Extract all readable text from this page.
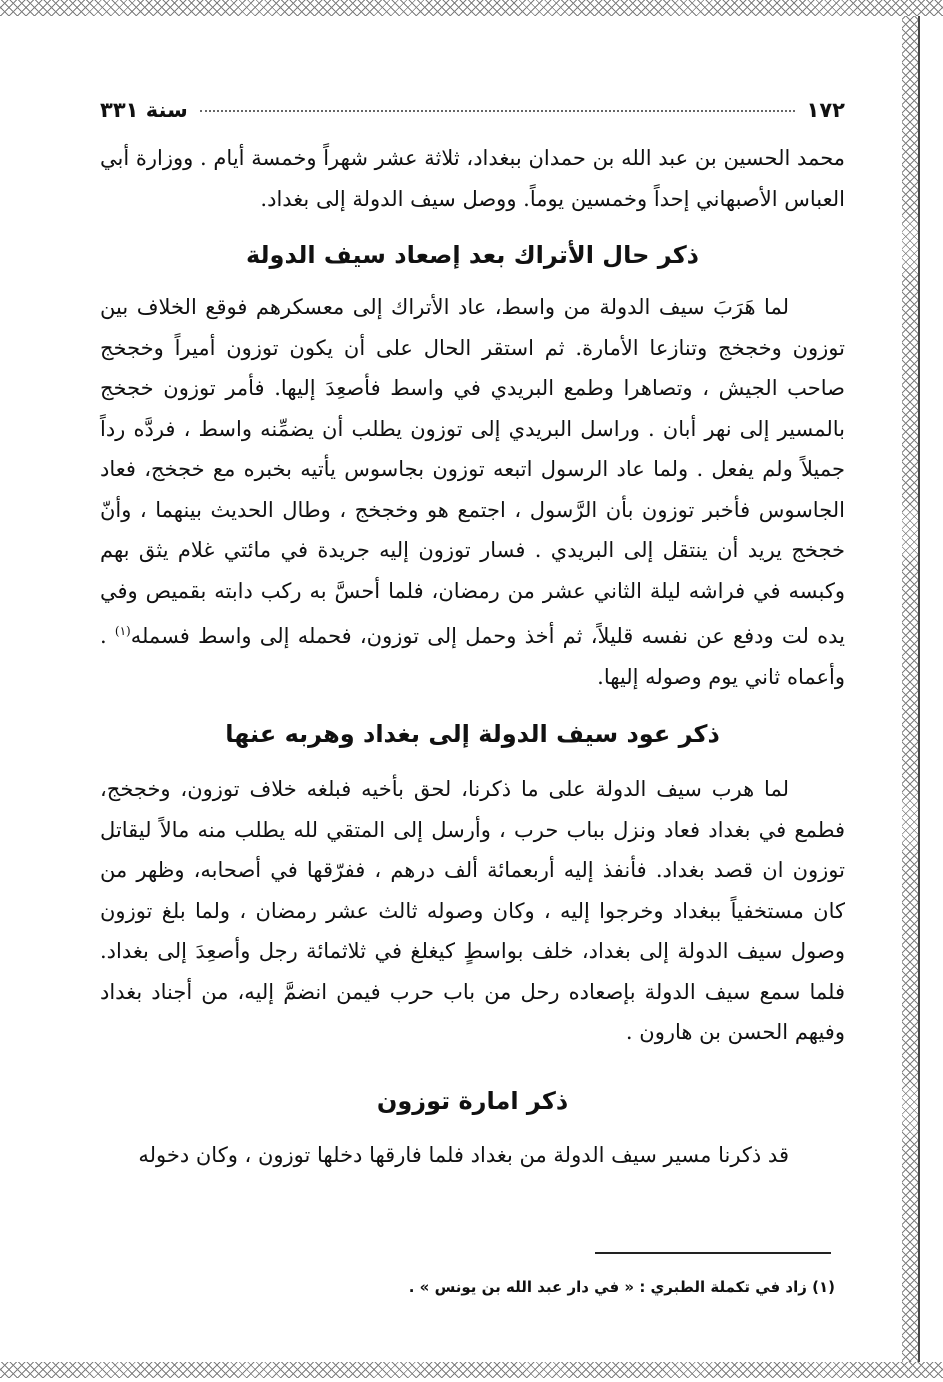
١٧٢
سنة ٣٣١

محمد الحسين بن عبد الله بن حمدان ببغداد، ثلاثة عشر شهراً وخمسة أيام . ووزارة أبي العباس الأصبهاني إحداً وخمسين يوماً. ووصل سيف الدولة إلى بغداد.

ذكر حال الأتراك بعد إصعاد سيف الدولة

لما هَرَبَ سيف الدولة من واسط، عاد الأتراك إلى معسكرهم فوقع الخلاف بين توزون وخجخج وتنازعا الأمارة. ثم استقر الحال على أن يكون توزون أميراً وخجخج صاحب الجيش ، وتصاهرا وطمع البريدي في واسط فأصعِدَ إليها. فأمر توزون خجخج بالمسير إلى نهر أبان . وراسل البريدي إلى توزون يطلب أن يضمِّنه واسط ، فردَّه رداً جميلاً ولم يفعل . ولما عاد الرسول اتبعه توزون بجاسوس يأتيه بخبره مع خجخج، فعاد الجاسوس فأخبر توزون بأن الرَّسول ، اجتمع هو وخجخج ، وطال الحديث بينهما ، وأنّ خجخج يريد أن ينتقل إلى البريدي . فسار توزون إليه جريدة في مائتي غلام يثق بهم وكبسه في فراشه ليلة الثاني عشر من رمضان، فلما أحسَّ به ركب دابته بقميص وفي يده لت ودفع عن نفسه قليلاً، ثم أخذ وحمل إلى توزون، فحمله إلى واسط فسمله$^{(١)}$ . وأعماه ثاني يوم وصوله إليها.

ذكر عود سيف الدولة إلى بغداد وهربه عنها

لما هرب سيف الدولة على ما ذكرنا، لحق بأخيه فبلغه خلاف توزون، وخجخج، فطمع في بغداد فعاد ونزل بباب حرب ، وأرسل إلى المتقي لله يطلب منه مالاً ليقاتل توزون ان قصد بغداد. فأنفذ إليه أربعمائة ألف درهم ، ففرّقها في أصحابه، وظهر من كان مستخفياً ببغداد وخرجوا إليه ، وكان وصوله ثالث عشر رمضان ، ولما بلغ توزون وصول سيف الدولة إلى بغداد، خلف بواسطٍ كيغلغ في ثلاثمائة رجل وأصعِدَ إلى بغداد. فلما سمع سيف الدولة بإصعاده رحل من باب حرب فيمن انضمَّ إليه، من أجناد بغداد وفيهم الحسن بن هارون .

ذكر امارة توزون

قد ذكرنا مسير سيف الدولة من بغداد فلما فارقها دخلها توزون ، وكان دخوله

(١) زاد في تكملة الطبري : « في دار عبد الله بن يونس » .
